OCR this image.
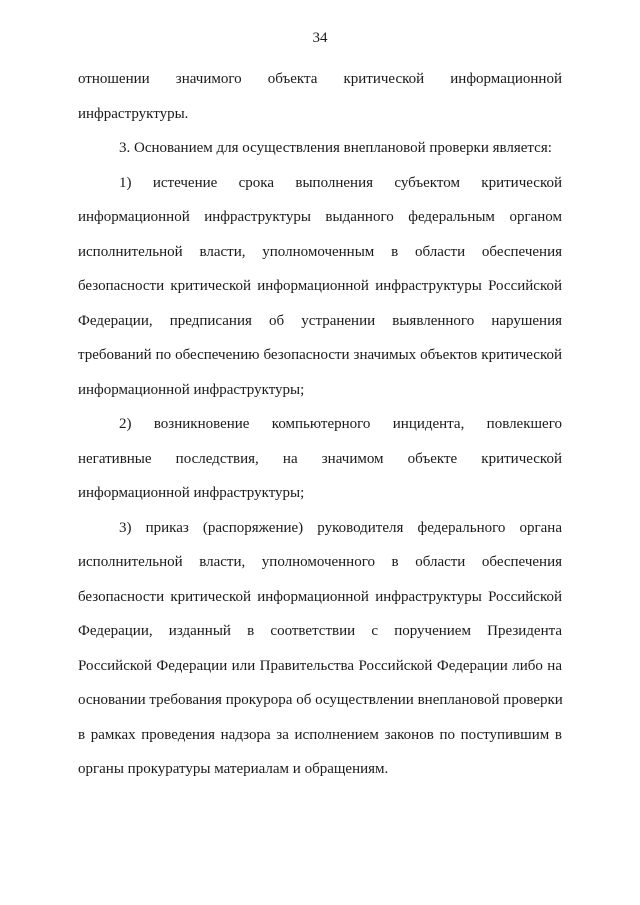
34
отношении значимого объекта критической информационной
инфраструктуры.
3. Основанием для осуществления внеплановой проверки является:
1) истечение срока выполнения субъектом критической
информационной инфраструктуры выданного федеральным органом
исполнительной власти, уполномоченным в области обеспечения
безопасности критической информационной инфраструктуры Российской
Федерации, предписания об устранении выявленного нарушения
требований по обеспечению безопасности значимых объектов критической
информационной инфраструктуры;
2) возникновение компьютерного инцидента, повлекшего
негативные последствия, на значимом объекте критической
информационной инфраструктуры;
3) приказ (распоряжение) руководителя федерального органа
исполнительной власти, уполномоченного в области обеспечения
безопасности критической информационной инфраструктуры Российской
Федерации, изданный в соответствии с поручением Президента
Российской Федерации или Правительства Российской Федерации либо на
основании требования прокурора об осуществлении внеплановой проверки
в рамках проведения надзора за исполнением законов по поступившим в
органы прокуратуры материалам и обращениям.
